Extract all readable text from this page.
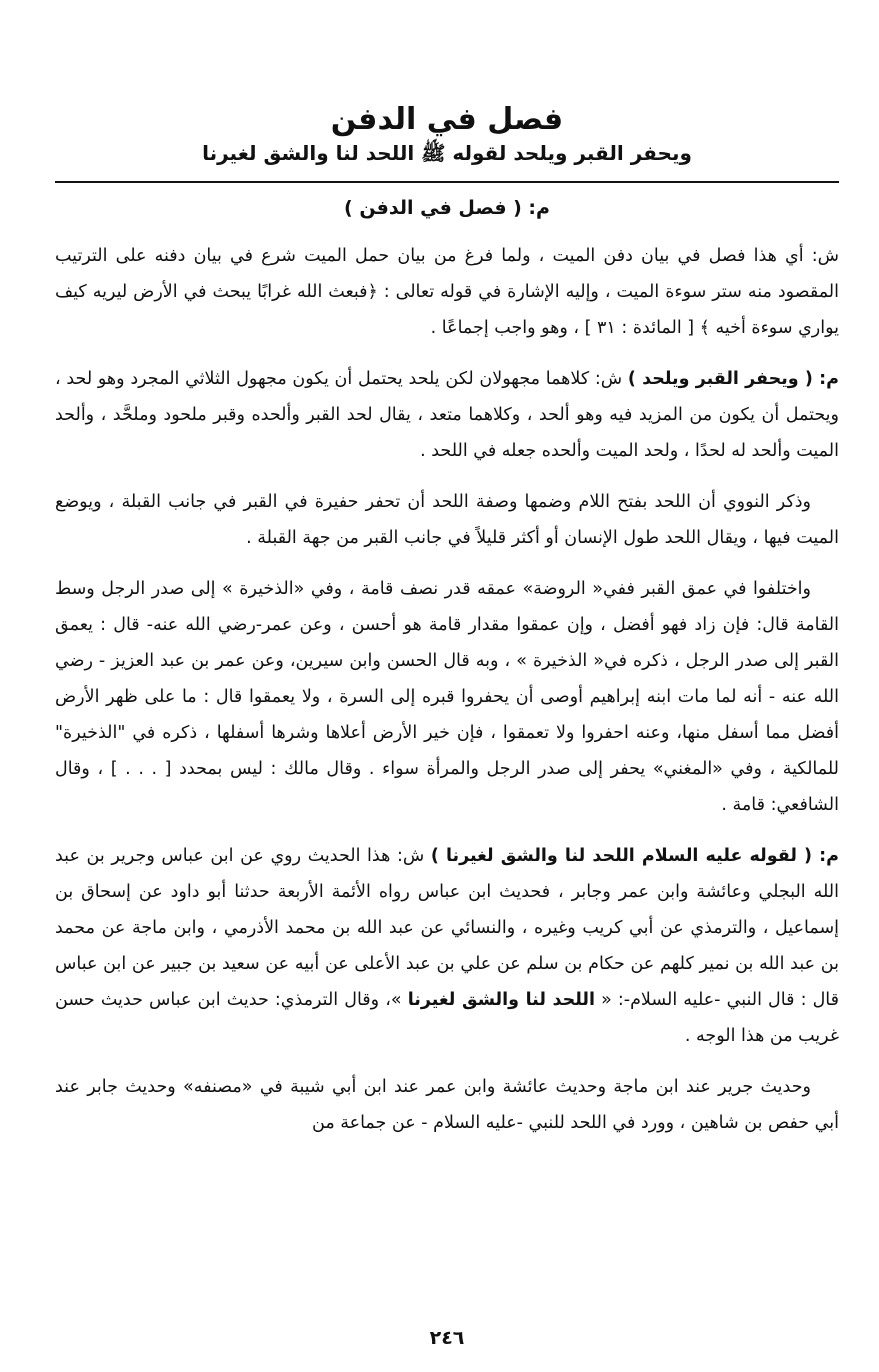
فصل في الدفن
ويحفر القبر ويلحد لقوله ﷺ اللحد لنا والشق لغيرنا
م: ( فصل في الدفن )

ش: أي هذا فصل في بيان دفن الميت ، ولما فرغ من بيان حمل الميت شرع في بيان دفنه على الترتيب المقصود منه ستر سوءة الميت ، وإليه الإشارة في قوله تعالى : ﴿فبعث الله غرابًا يبحث في الأرض ليريه كيف يواري سوءة أخيه ﴾ [ المائدة : ٣١ ] ، وهو واجب إجماعًا .

م: ( ويحفر القبر ويلحد ) ش: كلاهما مجهولان لكن يلحد يحتمل أن يكون مجهول الثلاثي المجرد وهو لحد ، ويحتمل أن يكون من المزيد فيه وهو ألحد ، وكلاهما متعد ، يقال لحد القبر وألحده وقبر ملحود وملحَّد ، وألحد الميت وألحد له لحدًا ، ولحد الميت وألحده جعله في اللحد .

وذكر النووي أن اللحد بفتح اللام وضمها وصفة اللحد أن تحفر حفيرة في القبر في جانب القبلة ، ويوضع الميت فيها ، ويقال اللحد طول الإنسان أو أكثر قليلاً في جانب القبر من جهة القبلة .

واختلفوا في عمق القبر ففي« الروضة» عمقه قدر نصف قامة ، وفي «الذخيرة » إلى صدر الرجل وسط القامة قال: فإن زاد فهو أفضل ، وإن عمقوا مقدار قامة هو أحسن ، وعن عمر-رضي الله عنه- قال : يعمق القبر إلى صدر الرجل ، ذكره في« الذخيرة » ، وبه قال الحسن وابن سيرين، وعن عمر بن عبد العزيز - رضي الله عنه - أنه لما مات ابنه إبراهيم أوصى أن يحفروا قبره إلى السرة ، ولا يعمقوا قال : ما على ظهر الأرض أفضل مما أسفل منها، وعنه احفروا ولا تعمقوا ، فإن خير الأرض أعلاها وشرها أسفلها ، ذكره في "الذخيرة" للمالكية ، وفي «المغني» يحفر إلى صدر الرجل والمرأة سواء . وقال مالك : ليس بمحدد [ . . . ] ، وقال الشافعي: قامة .

م: ( لقوله عليه السلام اللحد لنا والشق لغيرنا ) ش: هذا الحديث روي عن ابن عباس وجرير بن عبد الله البجلي وعائشة وابن عمر وجابر ، فحديث ابن عباس رواه الأئمة الأربعة حدثنا أبو داود عن إسحاق بن إسماعيل ، والترمذي عن أبي كريب وغيره ، والنسائي عن عبد الله بن محمد الأذرمي ، وابن ماجة عن محمد بن عبد الله بن نمير كلهم عن حكام بن سلم عن علي بن عبد الأعلى عن أبيه عن سعيد بن جبير عن ابن عباس قال : قال النبي -عليه السلام-: « اللحد لنا والشق لغيرنا »، وقال الترمذي: حديث ابن عباس حديث حسن غريب من هذا الوجه .

وحديث جرير عند ابن ماجة وحديث عائشة وابن عمر عند ابن أبي شيبة في «مصنفه» وحديث جابر عند أبي حفص بن شاهين ، وورد في اللحد للنبي -عليه السلام - عن جماعة من

٢٤٦
